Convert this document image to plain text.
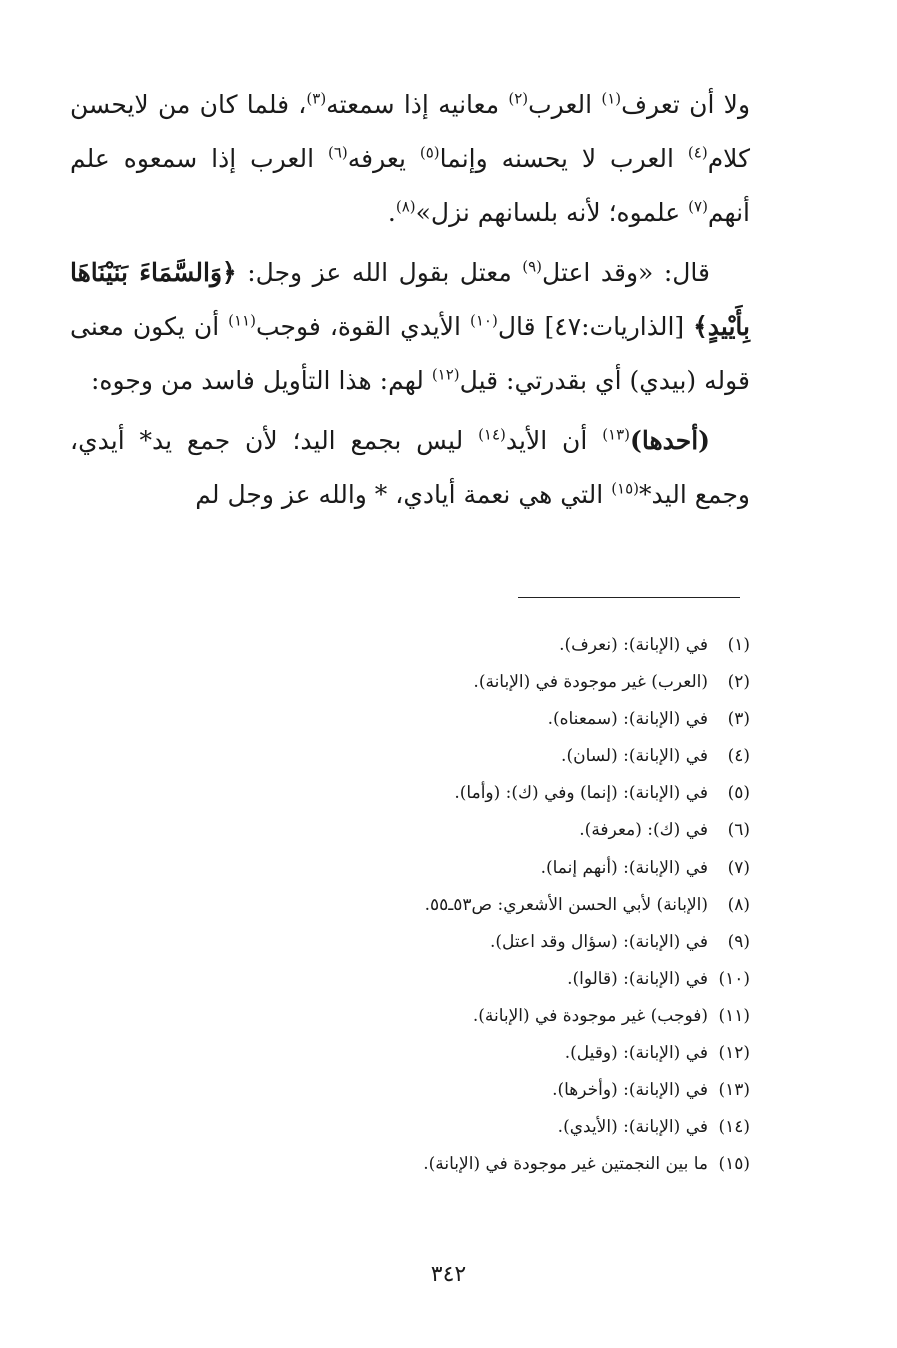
ولا أن تعرف$^{(١)}$ العرب$^{(٢)}$ معانيه إذا سمعته$^{(٣)}$، فلما كان من لايحسن كلام$^{(٤)}$ العرب لا يحسنه وإنما$^{(٥)}$ يعرفه$^{(٦)}$ العرب إذا سمعوه علم أنهم$^{(٧)}$ علموه؛ لأنه بلسانهم نزل»$^{(٨)}$.

قال: «وقد اعتل$^{(٩)}$ معتل بقول الله عز وجل: ﴿وَالسَّمَاءَ بَنَيْنَاهَا بِأَيْيدٍ﴾ [الذاريات:٤٧] قال$^{(١٠)}$ الأيدي القوة، فوجب$^{(١١)}$ أن يكون معنى قوله (بيدي) أي بقدرتي: قيل$^{(١٢)}$ لهم: هذا التأويل فاسد من وجوه:

(أحدها)$^{(١٣)}$ أن الأيد$^{(١٤)}$ ليس بجمع اليد؛ لأن جمع يد* أيدي، وجمع اليد*$^{(١٥)}$ التي هي نعمة أيادي، * والله عز وجل لم

(١)في (الإبانة): (نعرف).
(٢)(العرب) غير موجودة في (الإبانة).
(٣)في (الإبانة): (سمعناه).
(٤)في (الإبانة): (لسان).
(٥)في (الإبانة): (إنما) وفي (ك): (وأما).
(٦)في (ك): (معرفة).
(٧)في (الإبانة): (أنهم إنما).
(٨)(الإبانة) لأبي الحسن الأشعري: ص٥٣ـ٥٥.
(٩)في (الإبانة): (سؤال وقد اعتل).
(١٠)في (الإبانة): (قالوا).
(١١)(فوجب) غير موجودة في (الإبانة).
(١٢)في (الإبانة): (وقيل).
(١٣)في (الإبانة): (وأخرها).
(١٤)في (الإبانة): (الأيدي).
(١٥)ما بين النجمتين غير موجودة في (الإبانة).
٣٤٢
